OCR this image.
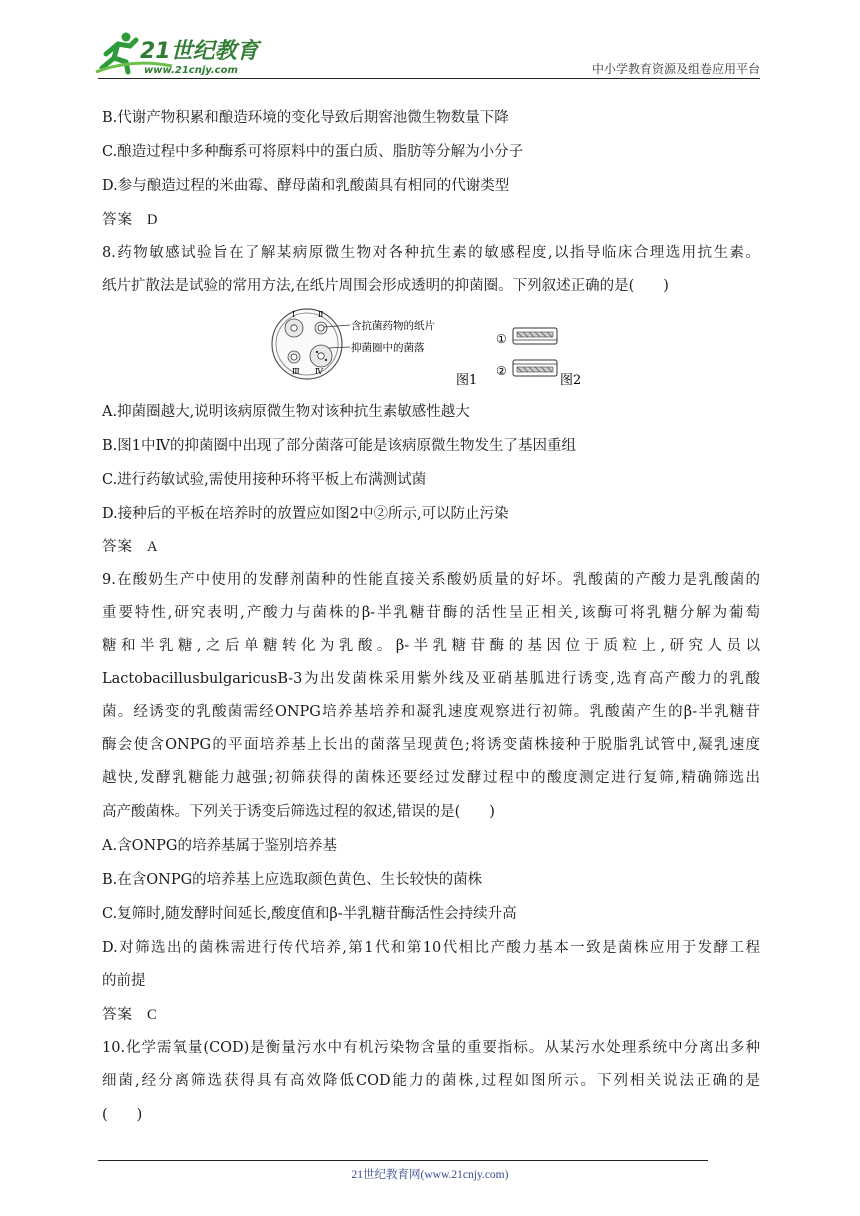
21世纪教育
www.21cnjy.com	中小学教育资源及组卷应用平台
B.代谢产物积累和酿造环境的变化导致后期窖池微生物数量下降
C.酿造过程中多种酶系可将原料中的蛋白质、脂肪等分解为小分子
D.参与酿造过程的米曲霉、酵母菌和乳酸菌具有相同的代谢类型
答案 D
8.药物敏感试验旨在了解某病原微生物对各种抗生素的敏感程度,以指导临床合理选用抗生素。
纸片扩散法是试验的常用方法,在纸片周围会形成透明的抑菌圈。下列叙述正确的是(　　)
A.抑菌圈越大,说明该病原微生物对该种抗生素敏感性越大
B.图1中Ⅳ的抑菌圈中出现了部分菌落可能是该病原微生物发生了基因重组
C.进行药敏试验,需使用接种环将平板上布满测试菌
D.接种后的平板在培养时的放置应如图2中②所示,可以防止污染
答案 A
9.在酸奶生产中使用的发酵剂菌种的性能直接关系酸奶质量的好坏。乳酸菌的产酸力是乳酸菌的
重要特性,研究表明,产酸力与菌株的β-半乳糖苷酶的活性呈正相关,该酶可将乳糖分解为葡萄
糖和半乳糖,之后单糖转化为乳酸。β-半乳糖苷酶的基因位于质粒上,研究人员以
LactobacillusbulgaricusB-3为出发菌株采用紫外线及亚硝基胍进行诱变,选育高产酸力的乳酸
菌。经诱变的乳酸菌需经ONPG培养基培养和凝乳速度观察进行初筛。乳酸菌产生的β-半乳糖苷
酶会使含ONPG的平面培养基上长出的菌落呈现黄色;将诱变菌株接种于脱脂乳试管中,凝乳速度
越快,发酵乳糖能力越强;初筛获得的菌株还要经过发酵过程中的酸度测定进行复筛,精确筛选出
高产酸菌株。下列关于诱变后筛选过程的叙述,错误的是(　　)
A.含ONPG的培养基属于鉴别培养基
B.在含ONPG的培养基上应选取颜色黄色、生长较快的菌株
C.复筛时,随发酵时间延长,酸度值和β-半乳糖苷酶活性会持续升高
D.对筛选出的菌株需进行传代培养,第1代和第10代相比产酸力基本一致是菌株应用于发酵工程
的前提
答案 C
10.化学需氧量(COD)是衡量污水中有机污染物含量的重要指标。从某污水处理系统中分离出多种
细菌,经分离筛选获得具有高效降低COD能力的菌株,过程如图所示。下列相关说法正确的是
(　　)
Ⅰ	Ⅱ
Ⅲ Ⅳ
含抗菌药物的纸片
抑菌圈中的菌落
图1
①
②
图2
21世纪教育网(www.21cnjy.com)
